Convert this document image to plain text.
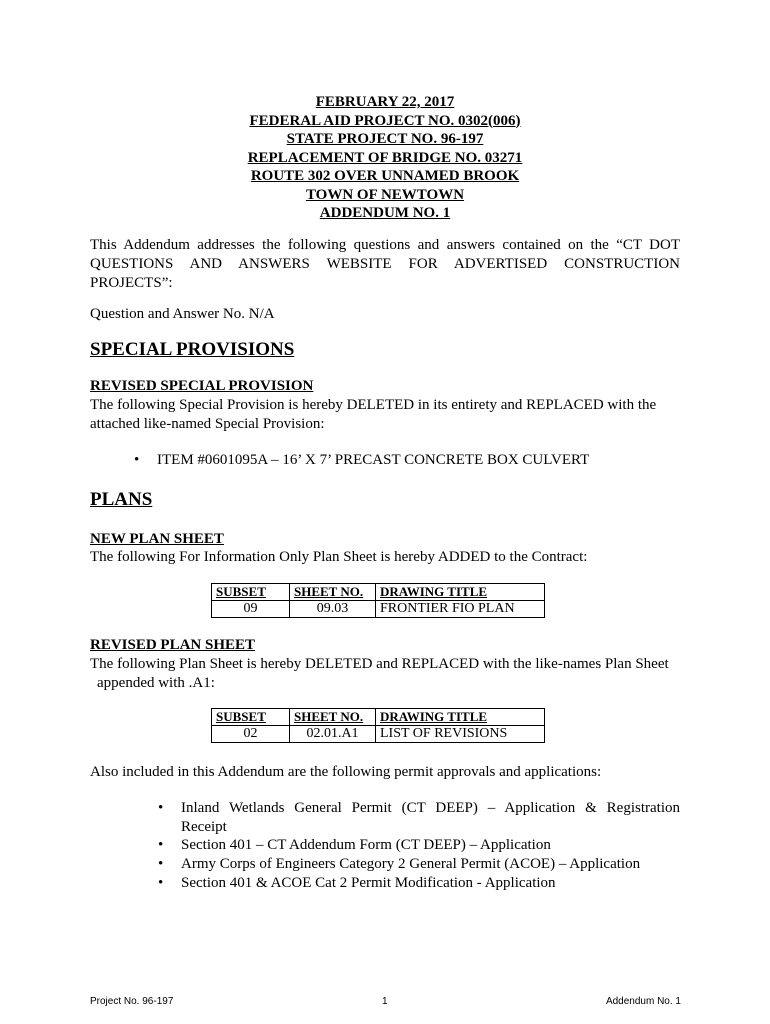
FEBRUARY 22, 2017
FEDERAL AID PROJECT NO. 0302(006)
STATE PROJECT NO. 96-197
REPLACEMENT OF BRIDGE NO. 03271
ROUTE 302 OVER UNNAMED BROOK
TOWN OF NEWTOWN
ADDENDUM NO. 1
This Addendum addresses the following questions and answers contained on the “CT DOT
QUESTIONS AND ANSWERS WEBSITE FOR ADVERTISED CONSTRUCTION
PROJECTS”:
Question and Answer No. N/A
SPECIAL PROVISIONS
REVISED SPECIAL PROVISION
The following Special Provision is hereby DELETED in its entirety and REPLACED with the
attached like-named Special Provision:
• ITEM #0601095A – 16’ X 7’ PRECAST CONCRETE BOX CULVERT
PLANS
NEW PLAN SHEET
The following For Information Only Plan Sheet is hereby ADDED to the Contract:
SUBSET	SHEET NO.	DRAWING TITLE
09	09.03	FRONTIER FIO PLAN
REVISED PLAN SHEET
The following Plan Sheet is hereby DELETED and REPLACED with the like-names Plan Sheet
appended with .A1:
SUBSET	SHEET NO.	DRAWING TITLE
02	02.01.A1	LIST OF REVISIONS
Also included in this Addendum are the following permit approvals and applications:
• Inland Wetlands General Permit (CT DEEP) – Application & Registration
Receipt
• Section 401 – CT Addendum Form (CT DEEP) – Application
• Army Corps of Engineers Category 2 General Permit (ACOE) – Application
• Section 401 & ACOE Cat 2 Permit Modification - Application
Project No. 96-197	1	Addendum No. 1
